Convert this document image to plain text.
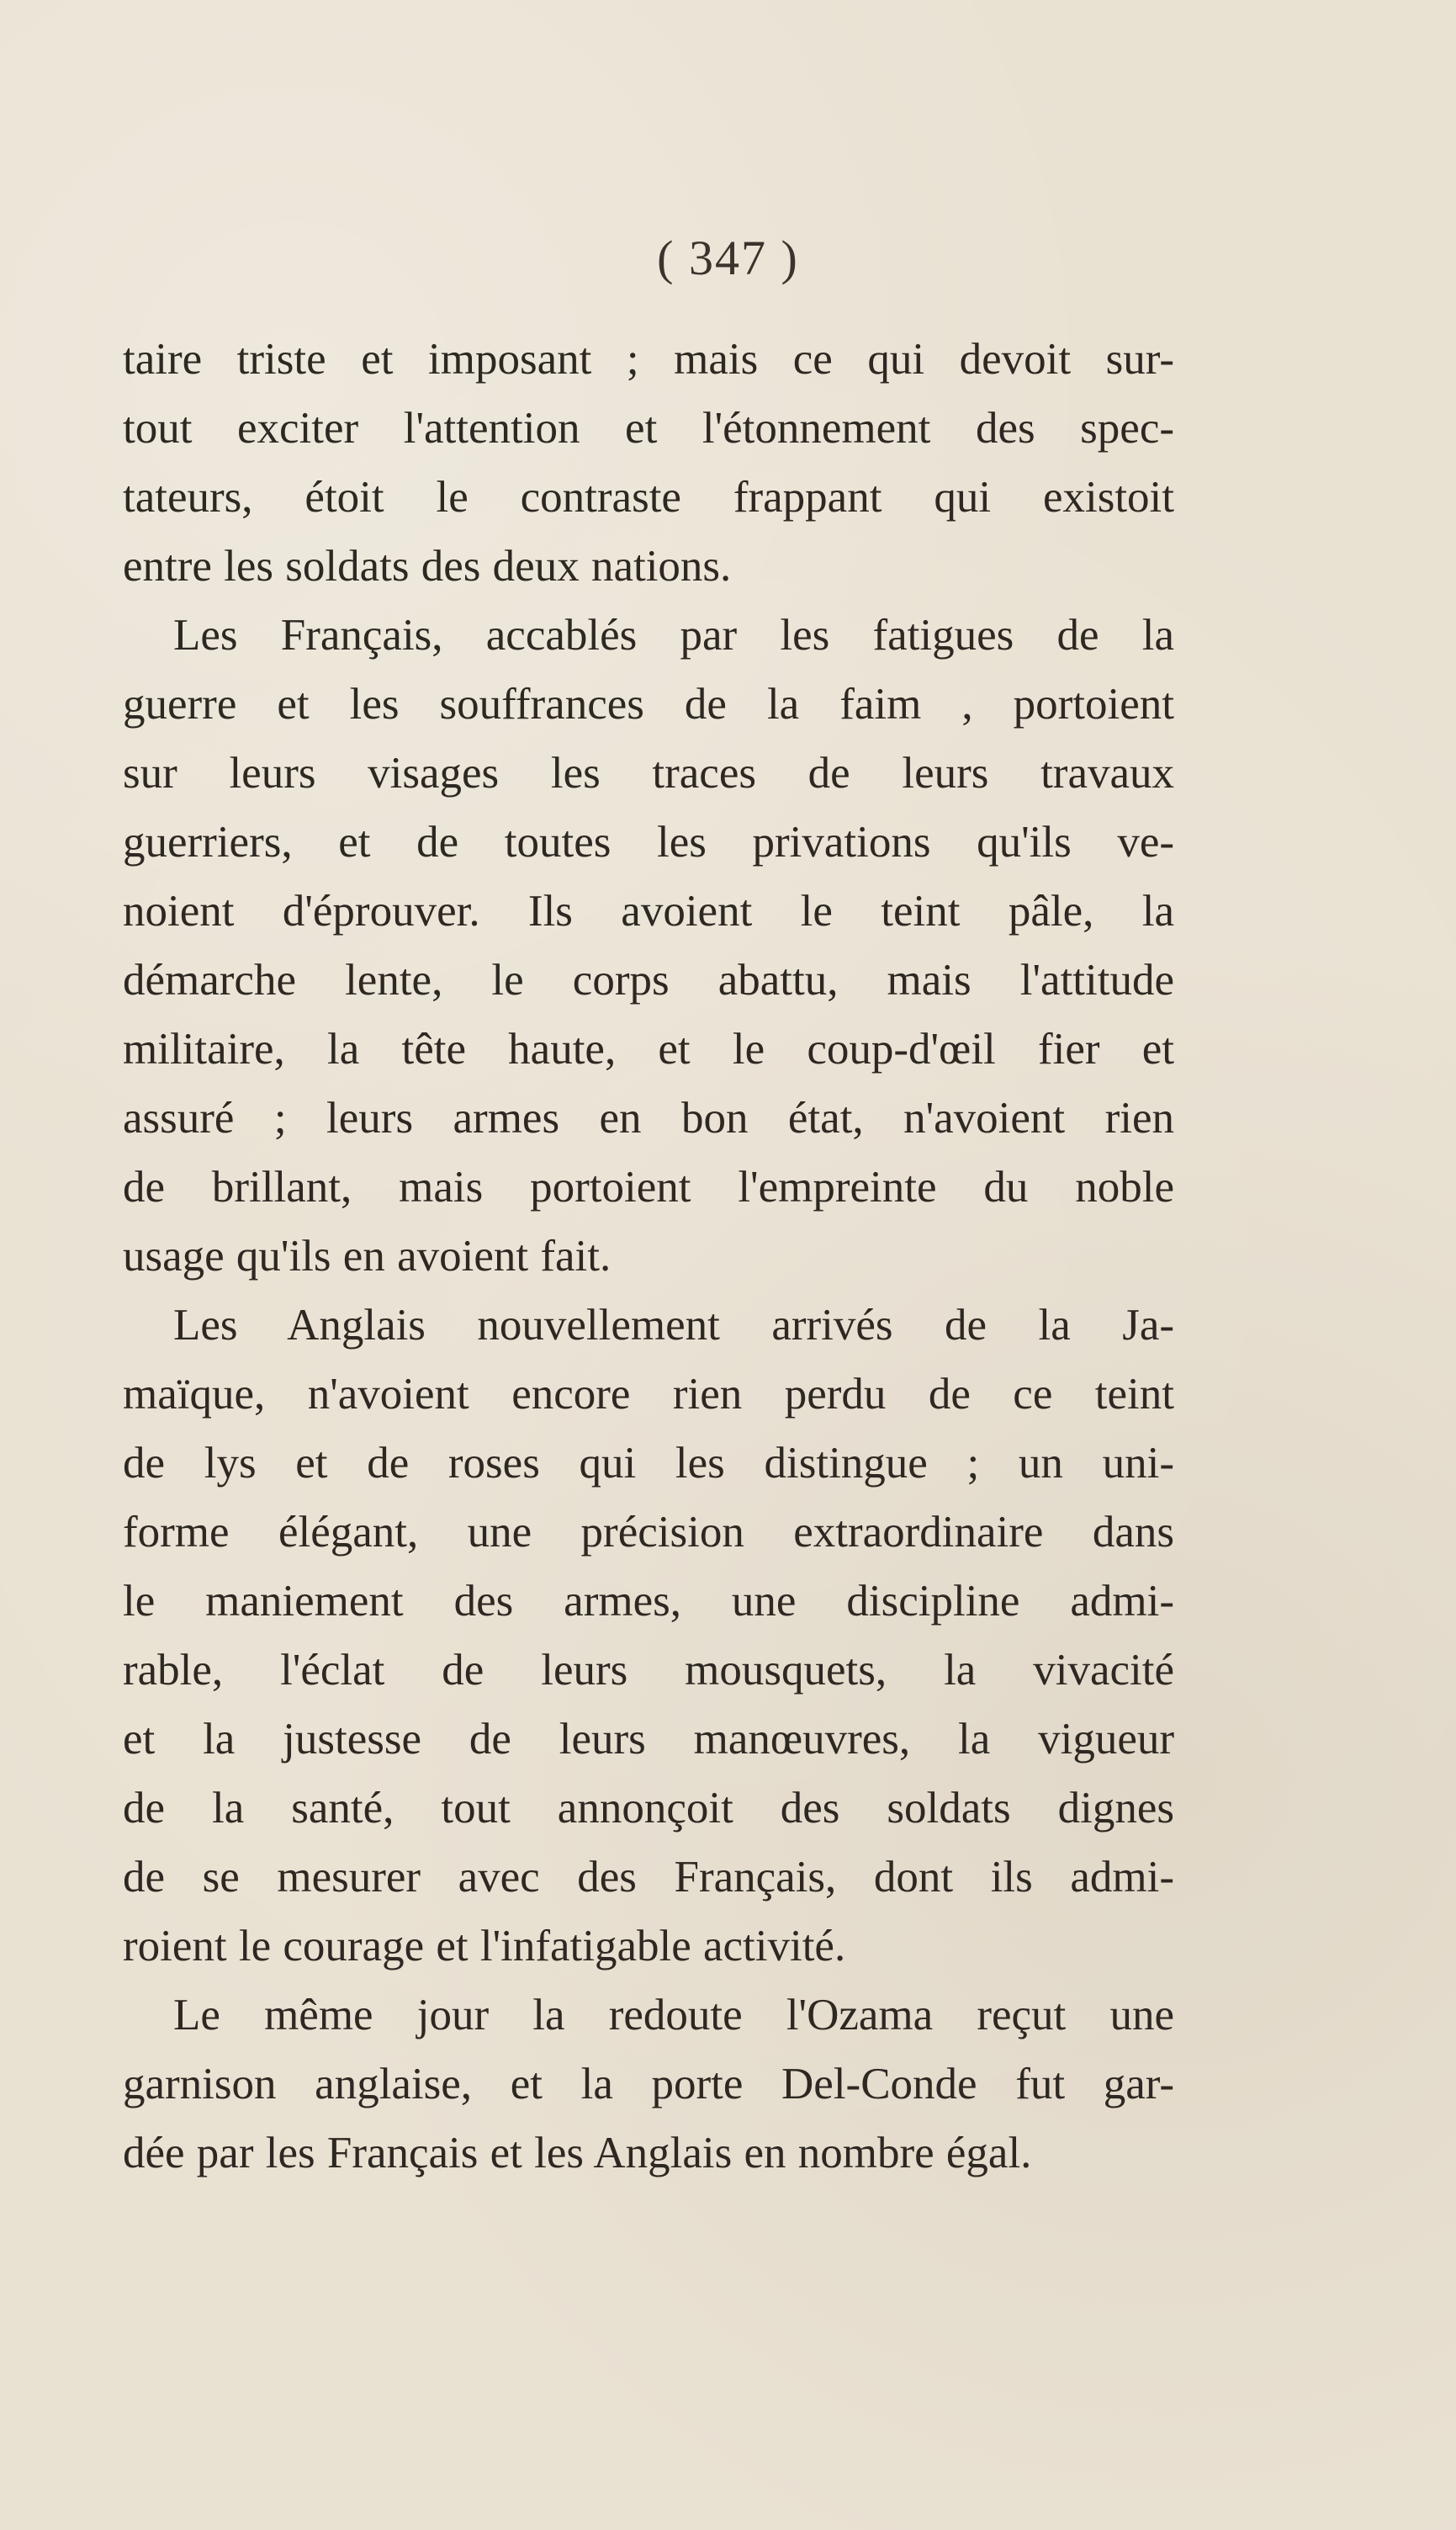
( 347 )
taire triste et imposant ; mais ce qui devoit sur-
tout exciter l'attention et l'étonnement des spec-
tateurs, étoit le contraste frappant qui existoit
entre les soldats des deux nations.
Les Français, accablés par les fatigues de la
guerre et les souffrances de la faim , portoient
sur leurs visages les traces de leurs travaux
guerriers, et de toutes les privations qu'ils ve-
noient d'éprouver. Ils avoient le teint pâle, la
démarche lente, le corps abattu, mais l'attitude
militaire, la tête haute, et le coup-d'œil fier et
assuré ; leurs armes en bon état, n'avoient rien
de brillant, mais portoient l'empreinte du noble
usage qu'ils en avoient fait.
Les Anglais nouvellement arrivés de la Ja-
maïque, n'avoient encore rien perdu de ce teint
de lys et de roses qui les distingue ; un uni-
forme élégant, une précision extraordinaire dans
le maniement des armes, une discipline admi-
rable, l'éclat de leurs mousquets, la vivacité
et la justesse de leurs manœuvres, la vigueur
de la santé, tout annonçoit des soldats dignes
de se mesurer avec des Français, dont ils admi-
roient le courage et l'infatigable activité.
Le même jour la redoute l'Ozama reçut une
garnison anglaise, et la porte Del-Conde fut gar-
dée par les Français et les Anglais en nombre égal.
